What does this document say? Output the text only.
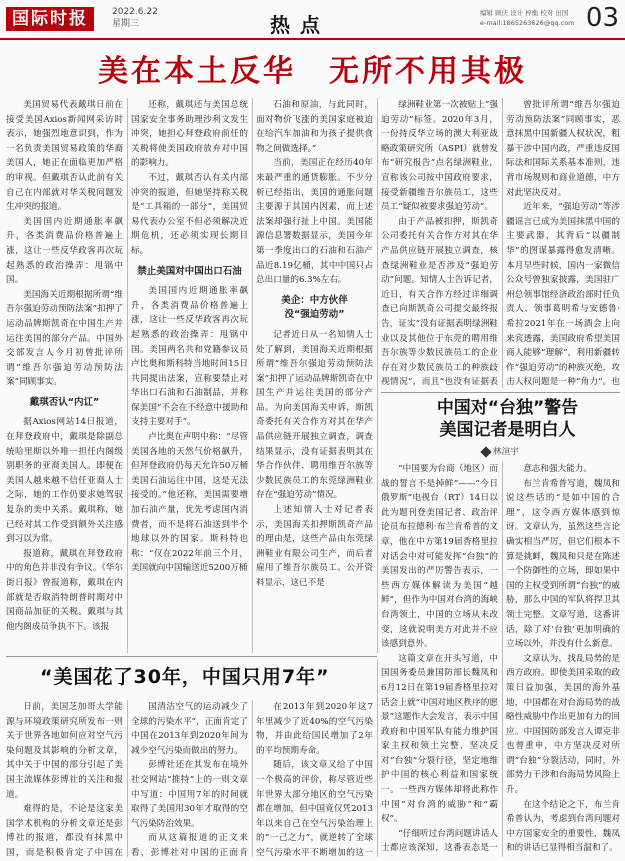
国际时报	2022.6.22
星期三	热点	编辑 顾庆 设计 梓衡 校对 田国
e-mail:1865263626@qq.com 03
美在本土反华　无所不用其极

美国贸易代表戴琪日前在接受美国Axios新闻网采访时表示，她强烈地意识到，作为一名负责美国贸易政策的华裔美国人，她正在面临更加严格的审视。但戴琪否认此前有关自己在内部就对华关税问题发生冲突的报道。

美国国内近期通胀率飙升，各类消费品价格普遍上涨，这让一些反华政客再次玩起熟悉的政治操弄：甩锅中国。

美国海关近期根据所谓“维吾尔强迫劳动预防法案”扣押了运动品牌斯凯奇在中国生产并运往美国的部分产品。中国外交部发言人今月初曾批评所谓“维吾尔强迫劳动预防法案”同顾事实。

戴琪否认“内讧”

据Axios网站14日报道，在拜登政府中，戴琪是除副总统哈里斯以外唯一担任内阁级别职务的亚裔美国人。即便在美国人越来越不信任亚裔人士之际，她的工作仍要求她驾驭复杂的美中关系。戴琪称，她已经对其工作受到额外关注感到习以为常。

报道称，戴琪在拜登政府中的角色并非没有争议。《华尔街日报》曾报道称，戴琪在内部就是否取消特朗普时期对中国商品加征的关税。戴琪与其他内阁成员争执不下。该报

还称，戴琪还与美国总统国家安全事务助理沙利文发生冲突，她担心拜登政府前任的关税将使美国政府放弃对中国的影响力。

不过，戴琪否认有关内部冲突的报道，但她坚持称关税是“工具箱的一部分”，美国贸易代表办公室不但必须解决近期危机，还必须实现长期目标。

禁止美国对中国出口石油

美国国内近期通胀率飙升，各类消费品价格普遍上涨，这让一些反华政客再次玩起熟悉的政治操弄：甩锅中国。美国两名共和党籍参议员卢比奥和斯科特当地时间15日共同提出法案，宣称要禁止对华出口石油和石油制品，并称保美国“不会在不经意中援助和支持主要对手”。

卢比奥在声明中称：“尽管美国各地的天然气价格飙升，但拜登政府仍每天允许50万桶美国石油运往中国，这是无法接受的。”他还称，美国需要增加石油产量，优先考虑国内消费者，而不是将石油送到半个地球以外的国家。斯科特也称：“仅在2022年前三个月，美国就向中国输送近5200万桶

石油和原油，与此同时，面对物价飞涨的美国家庭被迫在给汽车加油和为孩子提供食物之间做选择。”

当前，美国正在经历40年来最严重的通货膨胀。不少分析已经指出，美国的通胀问题主要源于其国内因素，而上述法案却强行扯上中国。美国能源信息署数据显示，美国今年第一季度出口的石油和石油产品近8.19亿桶，其中中国只占总出口量的6.3%左右。

美企：中方伙伴
没“强迫劳动”

记者近日从一名知情人士处了解到，美国海关近期根据所谓“维吾尔强迫劳动预防法案”扣押了运动品牌斯凯奇在中国生产并运往美国的部分产品。为向美国海关申诉，斯凯奇委托有关合作方对其在华产品供应链开展独立调查，调查结果显示，没有证据表明其在华合作伙伴、聘用维吾尔族等少数民族员工的东莞绿洲鞋业存在“强迫劳动”情况。

上述知情人士对记者表示，美国海关扣押斯凯奇产品的理由是，这些产品由东莞绿洲鞋业有限公司生产，而后者雇用了维吾尔族员工。公开资料显示，这已不是

绿洲鞋业第一次被贴上“强迫劳动”标签。2020年3月，一份持反华立场的澳大利亚战略政策研究所（ASPI）就曾发布“研究报告”点名绿洲鞋业，宣称该公司按中国政府要求，接受新疆维吾尔族员工，这些员工“疑似被要求强迫劳动”。

由于产品被扣押，斯凯奇公司委托有关合作方对其在华产品供应链开展独立调查，核查绿洲鞋业是否涉及“强迫劳动”问题。知情人士告诉记者，近日，有关合作方经过详细调查已向斯凯奇公司提交最终报告，证实“没有证据表明绿洲鞋业以及其他位于东莞的聘用维吾尔族等少数民族员工的企业存在对少数民族员工的种族歧视情况”，而且“也没有证据表

曾批评所谓“维吾尔强迫劳动预防法案”同顾事实，恶意抹黑中国新疆人权状况，粗暴干涉中国内政，严重违反国际法和国际关系基本准则，违背市场规则和商业道德，中方对此坚决反对。

近年来，“强迫劳动”等涉疆谣言已成为美国抹黑中国的主要武器，其背后“以疆制华”的图谋暴露得愈发清晰。本月早些时候，国内一家微信公众号曾独家披露，美国驻广州总领事馆经济政治部时任负责人、领事葛明希与安德鲁·希拉2021年在一场酒会上向来宾透露，美国政府希望美国商人能够“理解”，利用新疆转作“强迫劳动”的种族灭绝，攻击人权问题是一种“角力”。也

中国对“台独”警告
美国记者是明白人
林渲宇

“中国要为台商（地区）而战的誓言不是掉鲜”——“今日俄罗斯”电视台（RT）14日以此为题刊登美国记者、政治评论员布拉德利·布兰肯希普的文章，他在中方第19届香格里拉对话会中对可能发挥“台独”的美国发出的严厉警告表示，一些西方媒体解读为美国“越鲜”，但作为中国对台湾的海峡台湾领土，中国的立场从未改变，这就说明美方对此并不应该感到意外。

这篇文章在开头写道，中国国务委员兼国防部长魏凤和6月12日在第19届香格里拉对话会上就“中国对地区秩序的愿景”这题作大会发言，表示中国政府和中国军队有能力维护国家主权和领土完整，坚决反对“台独”分裂行径，坚定地维护中国的核心利益和国家统一。一些西方媒体却将此称作中国“对台湾的威胁”和“霸权”。

“仔细听过台湾问题讲话人士都应该深知，这番表态是一

意志和强大能力。

布兰肯希普写道，魏凤和说这些话的“是如中国的合理”，这令西方媒体感到惊讶。文章认为，虽然这些言论确实相当严厉，但它们根本不算是挑衅，魏凤和只是在陈述一个防御性的立场，即如果中国的主权受到所谓“台独”的威胁，那么中国的军队将捍卫其领土完整。文章写道，这番讲话，除了对‘台独’更加明确的立场以外，并没有什么新意。

文章认为，找乱局势的是西方政府。即使美国采取的政策日益加强，美国的海外基地，中国都在对台海局势的战略性威胁中作出更加有力的回应。中国国防部发言人谭克非也曾重申，中方坚决反对所谓“台独”分裂活动，同时，外部势力干涉和台海局势风险上升。

在这个结论之下，布兰肯希普认为，考虑到台湾问题对中方国家安全的重要性，魏凤和的讲话已显得相当温和了。

“美国花了30年，中国只用7年”

日前，美国芝加哥大学能源与环境政策研究所发布一则关于世界各地如何应对空气污染问题及其影响的分析文章，其中关于中国的部分引起了美国主流媒体彭博社的关注和报道。

难得的是，不论是这家美国学术机构的分析文章还是彭博社的报道，都没有抹黑中国，而是积极肯定了中国在

国清洁空气的运动减少了全球的污染水平”，正面肯定了中国在2013年到2020年间为减少空气污染而做出的努力。

彭博社还在其发布在境外社交网站“推特”上的一则文章中写道：中国用7年的时间就取得了美国用30年才取得的空气污染防治效果。

而从这篇报道的正文来看，彭博社对中国的正面肯

在2013年到2020年这7年里减少了近40%的空气污染物，并由此给国民增加了2年的平均预期寿命。

随后，该文章又给了中国一个极高的评价，称尽管近些年世界大部分地区的空气污染都在增加，但中国竟仅凭2013年以来自己在空气污染治理上的“一己之力”，就逆转了全球空气污染水平不断增加的这一
